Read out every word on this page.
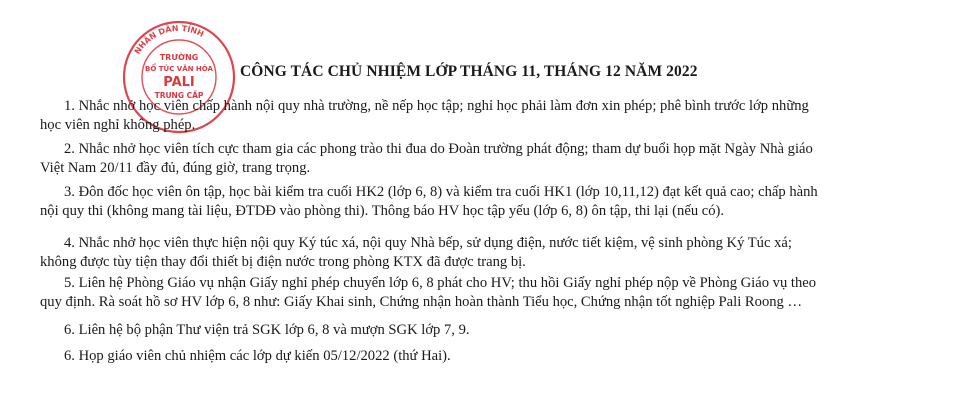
NHÂN DÂN TỈNH
TRƯỜNG
BỔ TÚC VĂN HÓA
PALI
TRUNG CẤP
CÔNG TÁC CHỦ NHIỆM LỚP THÁNG 11, THÁNG 12 NĂM 2022
1. Nhắc nhở học viên chấp hành nội quy nhà trường, nề nếp học tập; nghỉ học phải làm đơn xin phép; phê bình trước lớp những
học viên nghỉ không phép.
2. Nhắc nhở học viên tích cực tham gia các phong trào thi đua do Đoàn trường phát động; tham dự buổi họp mặt Ngày Nhà giáo
Việt Nam 20/11 đầy đủ, đúng giờ, trang trọng.
3. Đôn đốc học viên ôn tập, học bài kiểm tra cuối HK2 (lớp 6, 8) và kiểm tra cuối HK1 (lớp 10,11,12) đạt kết quả cao; chấp hành
nội quy thi (không mang tài liệu, ĐTDĐ vào phòng thi). Thông báo HV học tập yếu (lớp 6, 8) ôn tập, thi lại (nếu có).
4. Nhắc nhở học viên thực hiện nội quy Ký túc xá, nội quy Nhà bếp, sử dụng điện, nước tiết kiệm, vệ sinh phòng Ký Túc xá;
không được tùy tiện thay đổi thiết bị điện nước trong phòng KTX đã được trang bị.
5. Liên hệ Phòng Giáo vụ nhận Giấy nghỉ phép chuyển lớp 6, 8 phát cho HV; thu hồi Giấy nghỉ phép nộp về Phòng Giáo vụ theo
quy định. Rà soát hồ sơ HV lớp 6, 8 như: Giấy Khai sinh, Chứng nhận hoàn thành Tiểu học, Chứng nhận tốt nghiệp Pali Roong …
6. Liên hệ bộ phận Thư viện trả SGK lớp 6, 8 và mượn SGK lớp 7, 9.
6. Họp giáo viên chủ nhiệm các lớp dự kiến 05/12/2022 (thứ Hai).
